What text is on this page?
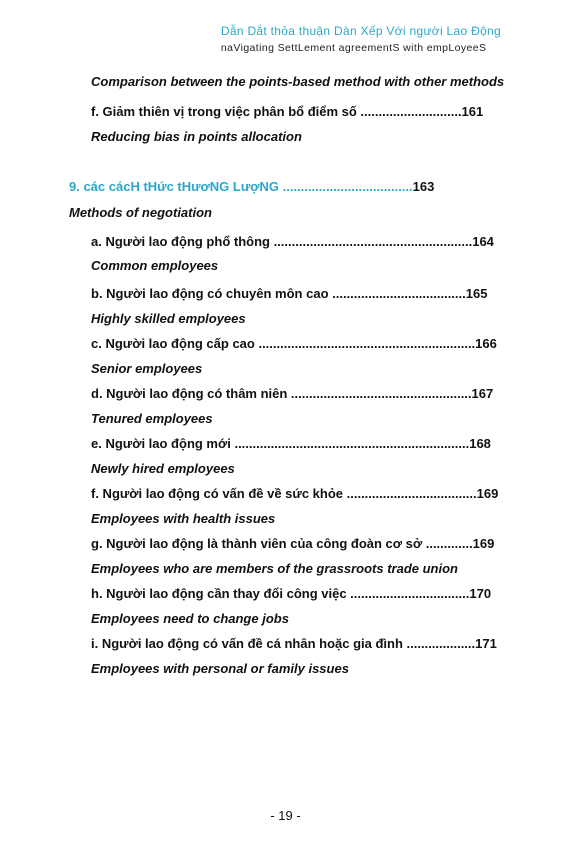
Dẫn Dắt thỏa thuận Dàn Xếp Với người Lao Động
naVigating SettLement agreementS with empLoyeeS
Comparison between the points-based method with other methods
f. Giảm thiên vị trong việc phân bổ điểm số ............................161
Reducing bias in points allocation
9. các cácH tHức tHươNG LượNG ....................................163
Methods of negotiation
a. Người lao động phổ thông .......................................................164
Common employees
b. Người lao động có chuyên môn cao .....................................165
Highly skilled employees
c. Người lao động cấp cao ............................................................166
Senior employees
d. Người lao động có thâm niên ..................................................167
Tenured employees
e. Người lao động mới .................................................................168
Newly hired employees
f. Người lao động có vấn đề về sức khỏe ....................................169
Employees with health issues
g. Người lao động là thành viên của công đoàn cơ sở .............169
Employees who are members of the grassroots trade union
h. Người lao động cần thay đổi công việc .................................170
Employees need to change jobs
i. Người lao động có vấn đề cá nhân hoặc gia đình ...................171
Employees with personal or family issues
- 19 -
